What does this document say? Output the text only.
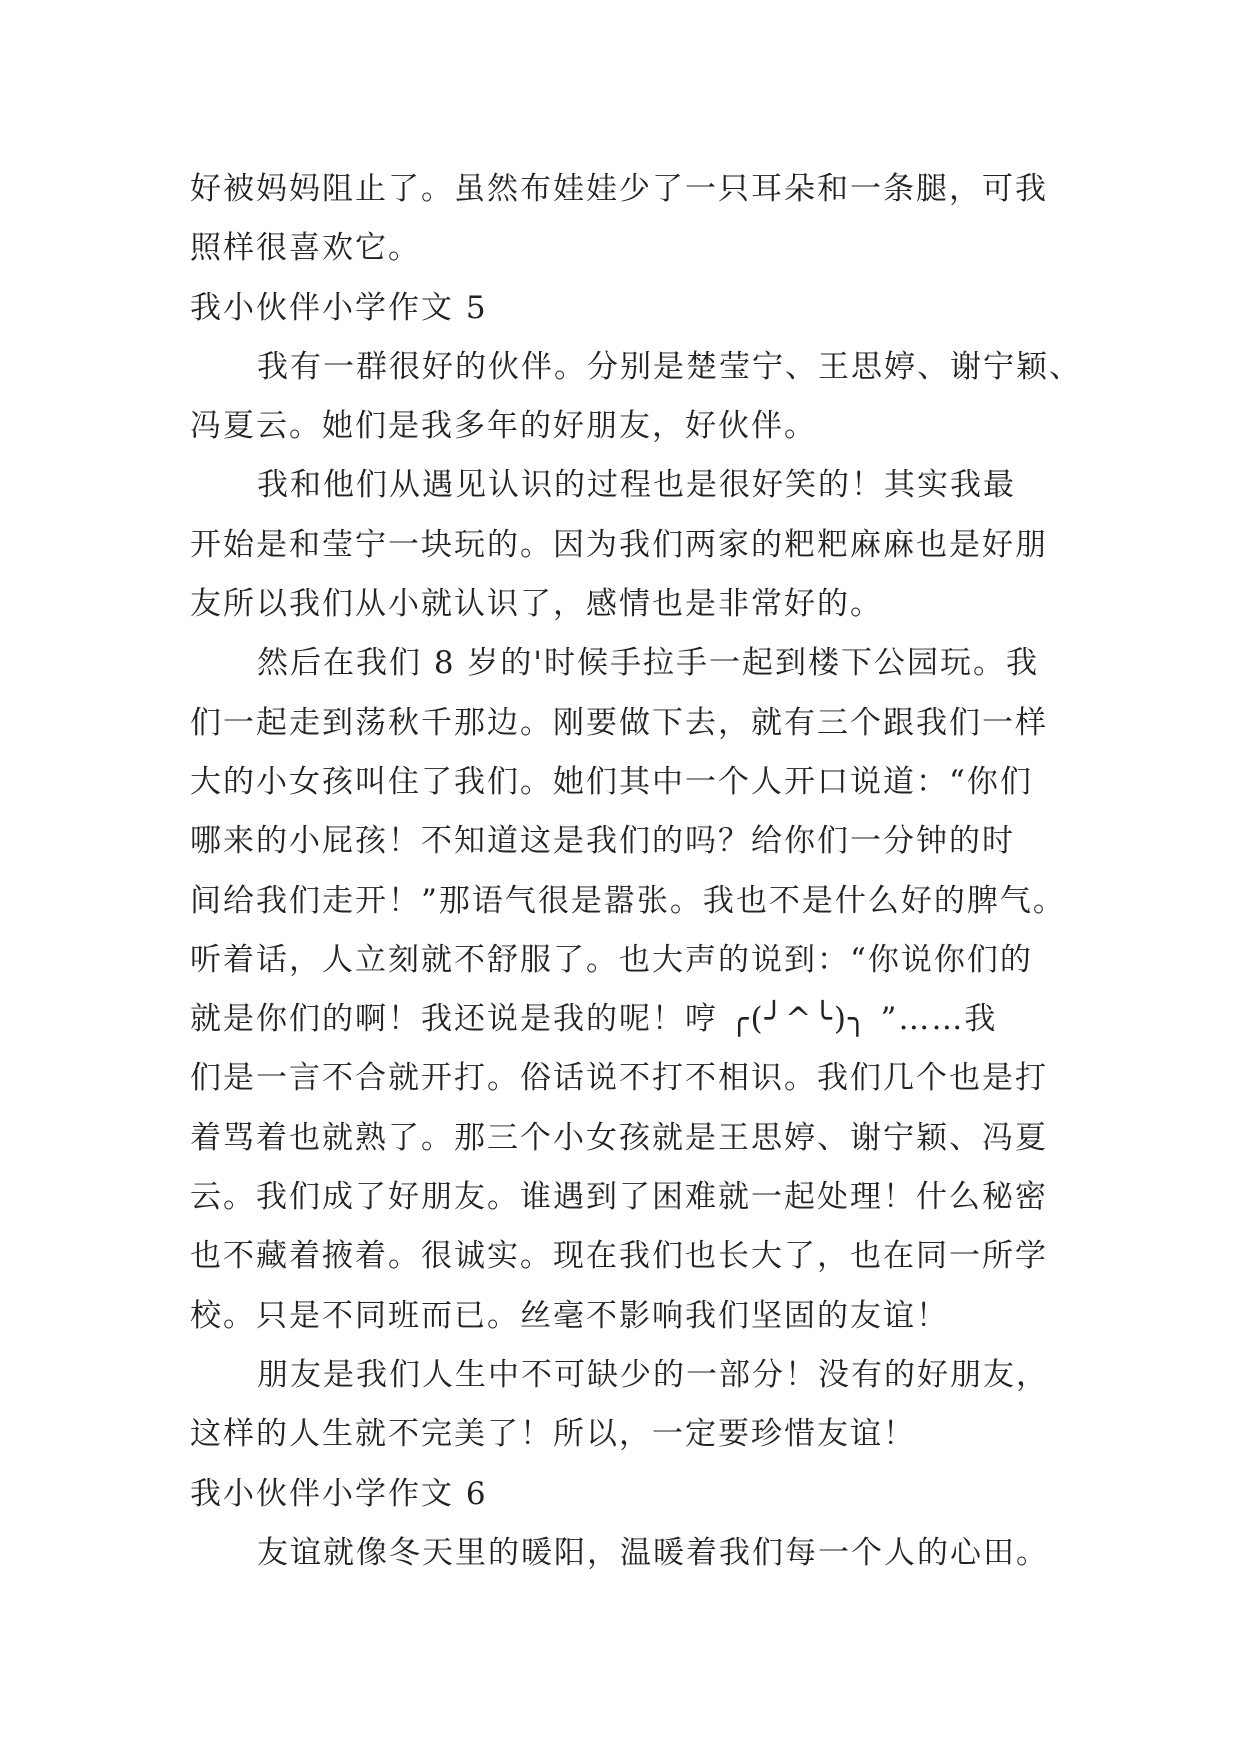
好被妈妈阻止了。虽然布娃娃少了一只耳朵和一条腿，可我
照样很喜欢它。
我小伙伴小学作文 5
我有一群很好的伙伴。分别是楚莹宁、王思婷、谢宁颖、
冯夏云。她们是我多年的好朋友，好伙伴。
我和他们从遇见认识的过程也是很好笑的！其实我最
开始是和莹宁一块玩的。因为我们两家的粑粑麻麻也是好朋
友所以我们从小就认识了，感情也是非常好的。
然后在我们 8 岁的'时候手拉手一起到楼下公园玩。我
们一起走到荡秋千那边。刚要做下去，就有三个跟我们一样
大的小女孩叫住了我们。她们其中一个人开口说道：“你们
哪来的小屁孩！不知道这是我们的吗？给你们一分钟的时
间给我们走开！”那语气很是嚣张。我也不是什么好的脾气。
听着话，人立刻就不舒服了。也大声的说到：“你说你们的
就是你们的啊！我还说是我的呢！哼 ╭(╯^╰)╮ ”……我
们是一言不合就开打。俗话说不打不相识。我们几个也是打
着骂着也就熟了。那三个小女孩就是王思婷、谢宁颖、冯夏
云。我们成了好朋友。谁遇到了困难就一起处理！什么秘密
也不藏着掖着。很诚实。现在我们也长大了，也在同一所学
校。只是不同班而已。丝毫不影响我们坚固的友谊！
朋友是我们人生中不可缺少的一部分！没有的好朋友，
这样的人生就不完美了！所以，一定要珍惜友谊！
我小伙伴小学作文 6
友谊就像冬天里的暖阳，温暖着我们每一个人的心田。
